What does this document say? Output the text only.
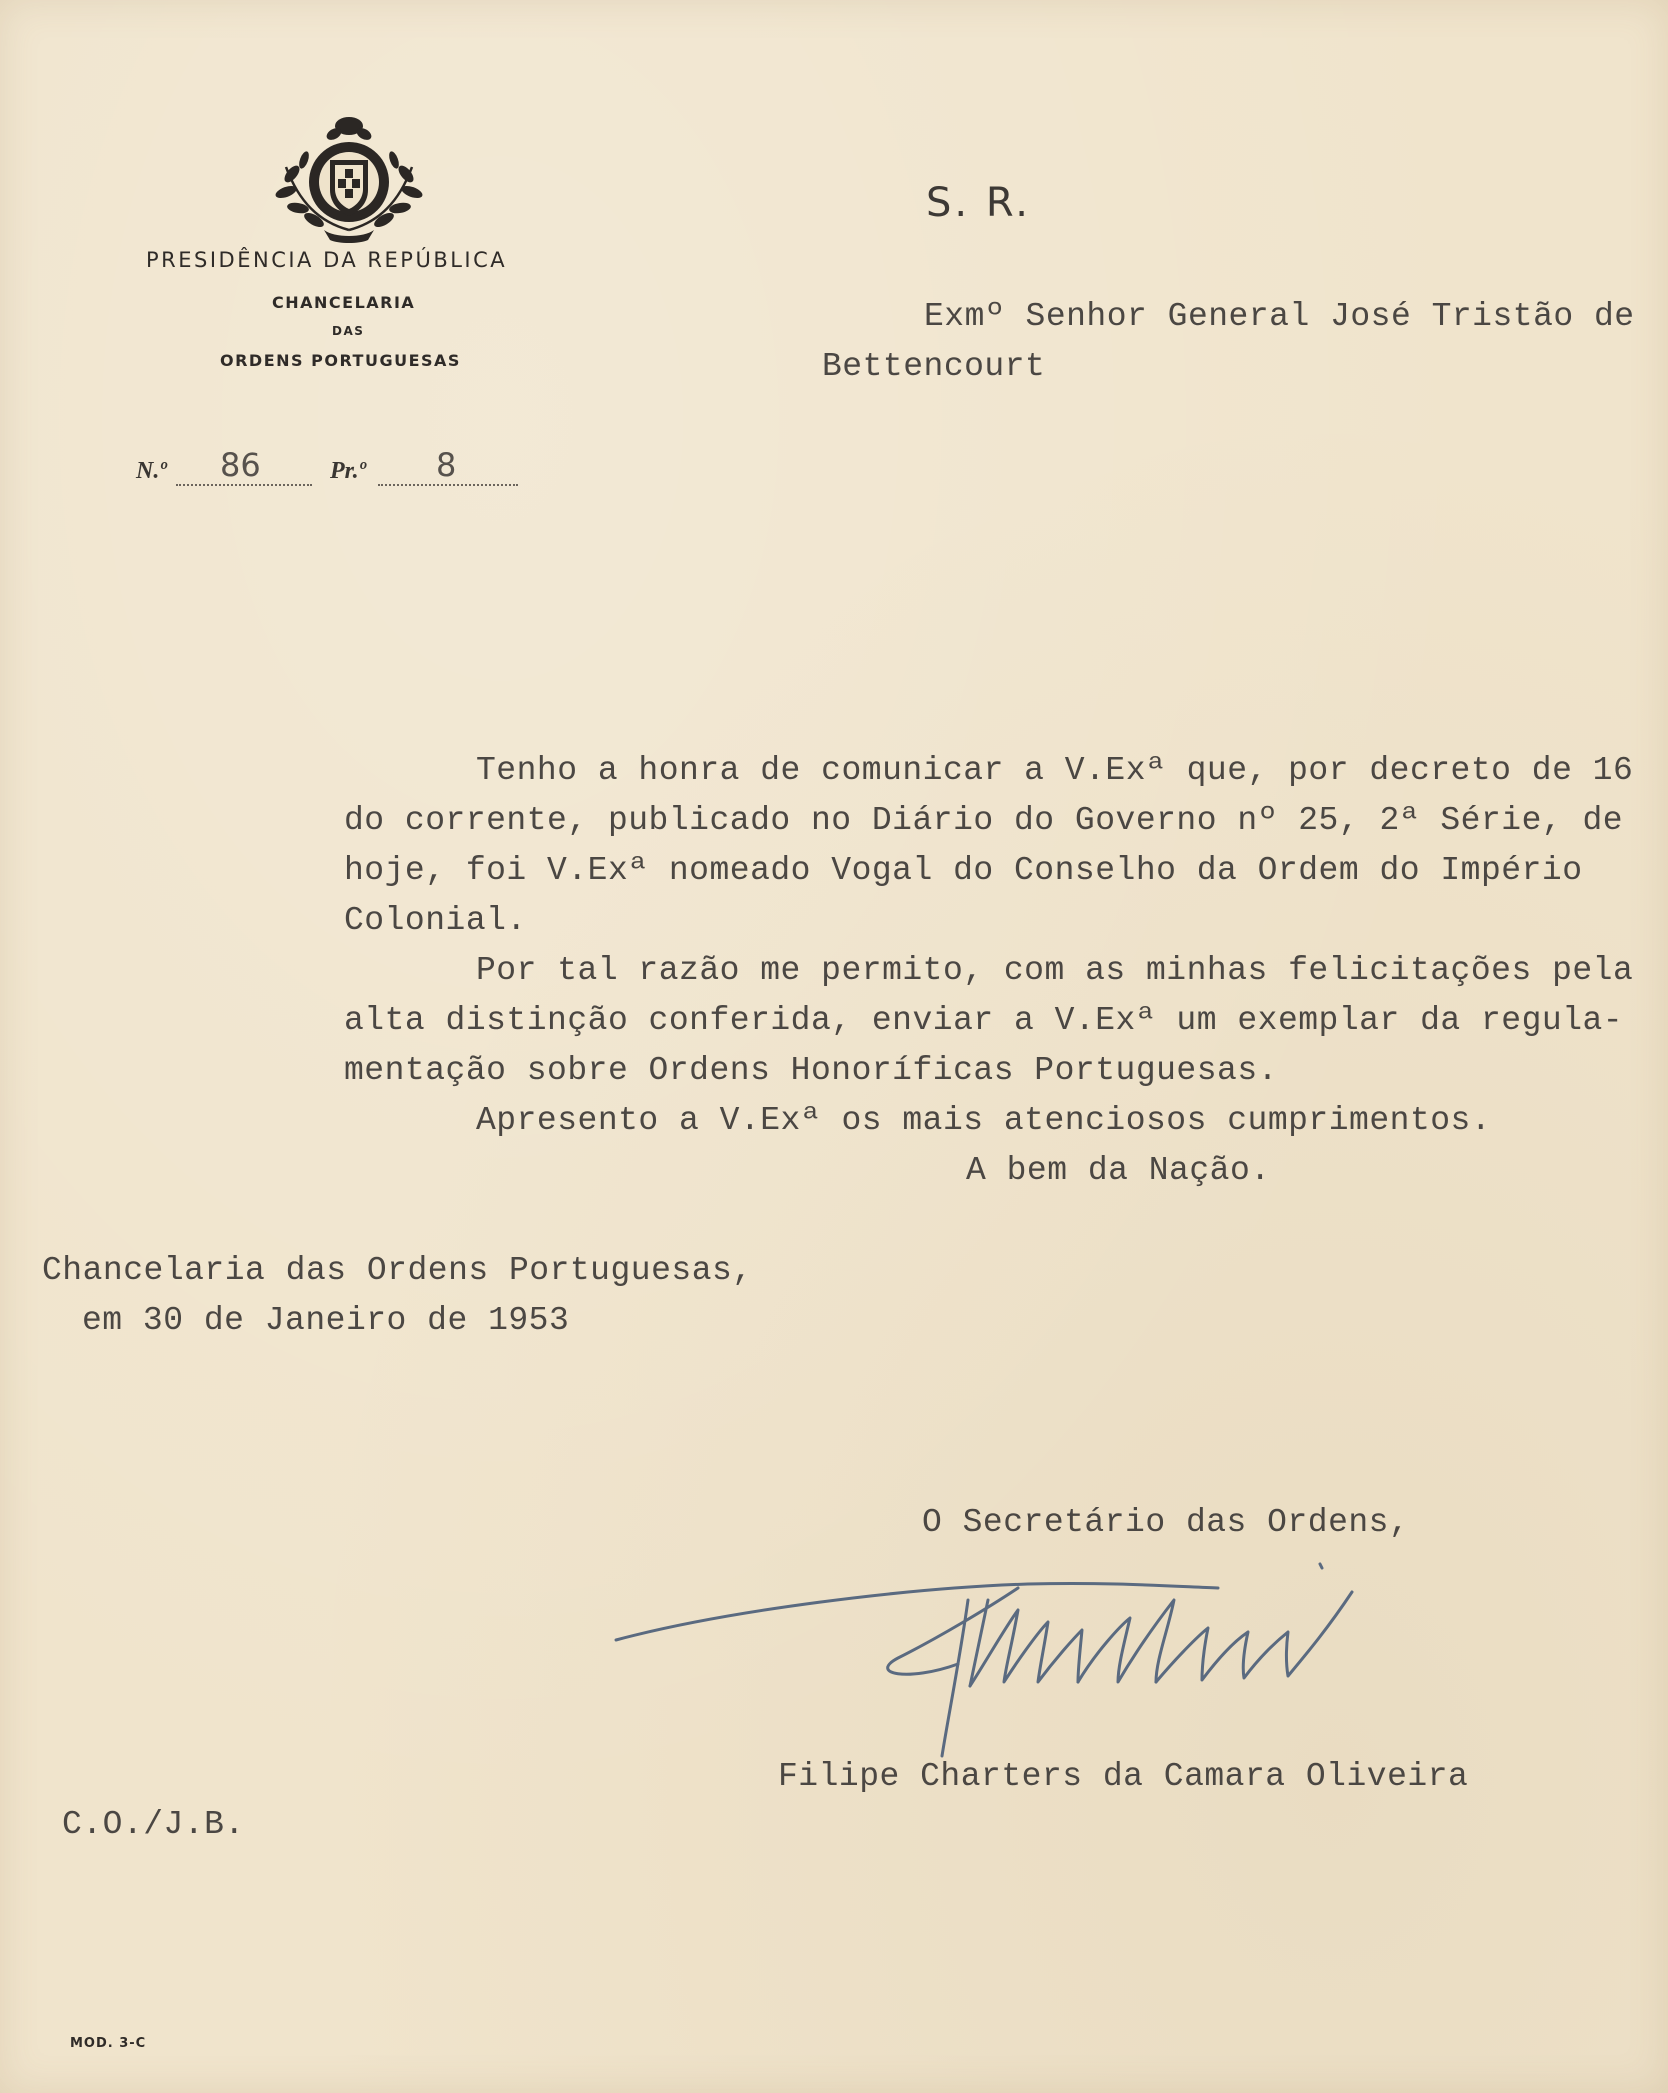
PRESIDÊNCIA DA REPÚBLICA
CHANCELARIA
DAS
ORDENS PORTUGUESAS
N.º 86	Pr.º 8
S. R.
Exmº Senhor General José Tristão de
Bettencourt
Tenho a honra de comunicar a V.Exª que, por decreto de 16
do corrente, publicado no Diário do Governo nº 25, 2ª Série, de
hoje, foi V.Exª nomeado Vogal do Conselho da Ordem do Império
Colonial.
Por tal razão me permito, com as minhas felicitações pela
alta distinção conferida, enviar a V.Exª um exemplar da regula-
mentação sobre Ordens Honoríficas Portuguesas.
Apresento a V.Exª os mais atenciosos cumprimentos.
A bem da Nação.
Chancelaria das Ordens Portuguesas,
em 30 de Janeiro de 1953
O Secretário das Ordens,
Filipe Charters da Camara Oliveira
C.O./J.B.
MOD. 3-C
